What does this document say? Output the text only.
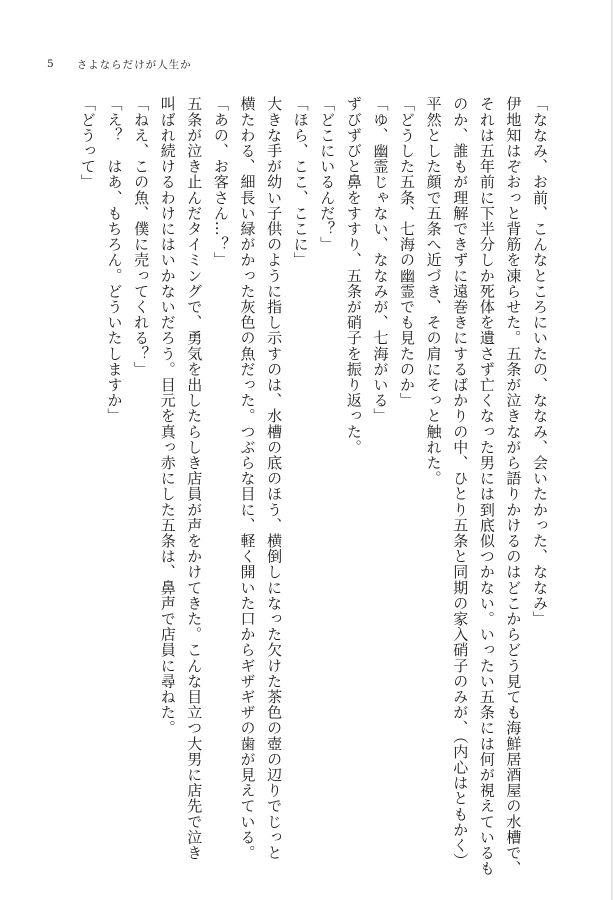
5 さよならだけが人生か
「ななみ、お前、こんなところにいたの、ななみ、会いたかった、ななみ」
伊地知はぞおっと背筋を凍らせた。五条が泣きながら語りかけるのはどこからどう見ても海鮮居酒屋の水槽で、
それは五年前に下半分しか死体を遺さず亡くなった男には到底似つかない。いったい五条には何が視えているも
のか、誰もが理解できずに遠巻きにするばかりの中、ひとり五条と同期の家入硝子のみが、（内心はともかく）
平然とした顔で五条へ近づき、その肩にそっと触れた。
「どうした五条、七海の幽霊でも見たのか」
「ゆ、幽霊じゃない、ななみが、七海がいる」
ずびずびと鼻をすすり、五条が硝子を振り返った。
「どこにいるんだ？」
「ほら、ここ、ここに」
大きな手が幼い子供のように指し示すのは、水槽の底のほう、横倒しになった欠けた茶色の壺の辺りでじっと
横たわる、細長い緑がかった灰色の魚だった。つぶらな目に、軽く開いた口からギザギザの歯が見えている。
「あの、お客さん…？」
五条が泣き止んだタイミングで、勇気を出したらしき店員が声をかけてきた。こんな目立つ大男に店先で泣き
叫ばれ続けるわけにはいかないだろう。目元を真っ赤にした五条は、鼻声で店員に尋ねた。
「ねえ、この魚、僕に売ってくれる？」
「え？　はあ、もちろん。どういたしますか」
「どうって」
